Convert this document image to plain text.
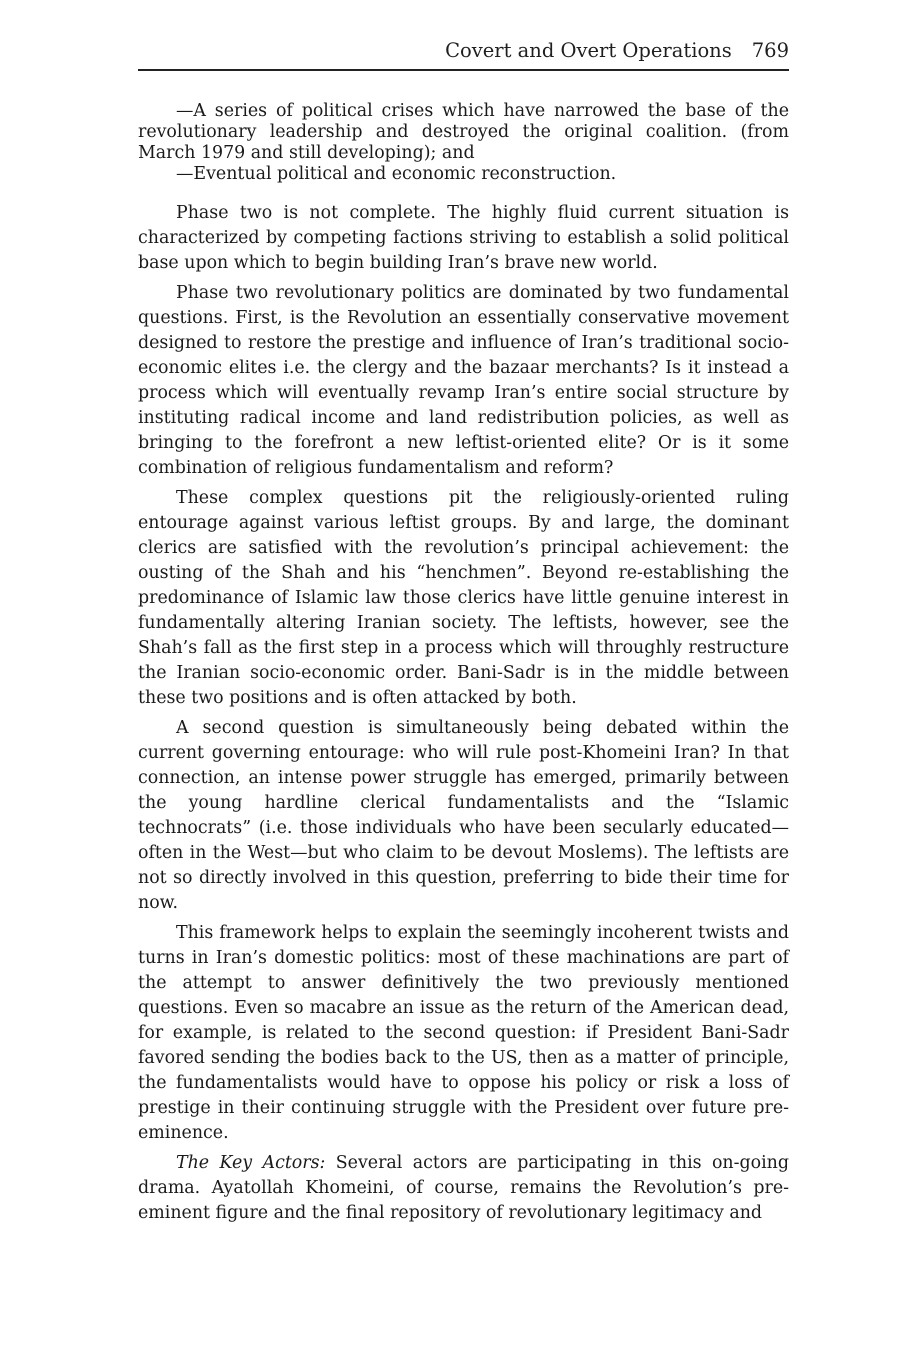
Covert and Overt Operations 769

—A series of political crises which have narrowed the base of the revolutionary leadership and destroyed the original coalition. (from March 1979 and still developing); and

—Eventual political and economic reconstruction.

Phase two is not complete. The highly fluid current situation is characterized by competing factions striving to establish a solid political base upon which to begin building Iran’s brave new world.

Phase two revolutionary politics are dominated by two fundamental questions. First, is the Revolution an essentially conservative movement designed to restore the prestige and influence of Iran’s traditional socio-economic elites i.e. the clergy and the bazaar merchants? Is it instead a process which will eventually revamp Iran’s entire social structure by instituting radical income and land redistribution policies, as well as bringing to the forefront a new leftist-oriented elite? Or is it some combination of religious fundamentalism and reform?

These complex questions pit the religiously-oriented ruling entourage against various leftist groups. By and large, the dominant clerics are satisfied with the revolution’s principal achievement: the ousting of the Shah and his “henchmen”. Beyond re-establishing the predominance of Islamic law those clerics have little genuine interest in fundamentally altering Iranian society. The leftists, however, see the Shah’s fall as the first step in a process which will throughly restructure the Iranian socio-economic order. Bani-Sadr is in the middle between these two positions and is often attacked by both.

A second question is simultaneously being debated within the current governing entourage: who will rule post-Khomeini Iran? In that connection, an intense power struggle has emerged, primarily between the young hardline clerical fundamentalists and the “Islamic technocrats” (i.e. those individuals who have been secularly educated—often in the West—but who claim to be devout Moslems). The leftists are not so directly involved in this question, preferring to bide their time for now.

This framework helps to explain the seemingly incoherent twists and turns in Iran’s domestic politics: most of these machinations are part of the attempt to answer definitively the two previously mentioned questions. Even so macabre an issue as the return of the American dead, for example, is related to the second question: if President Bani-Sadr favored sending the bodies back to the US, then as a matter of principle, the fundamentalists would have to oppose his policy or risk a loss of prestige in their continuing struggle with the President over future pre-eminence.

The Key Actors: Several actors are participating in this on-going drama. Ayatollah Khomeini, of course, remains the Revolution’s pre-eminent figure and the final repository of revolutionary legitimacy and
